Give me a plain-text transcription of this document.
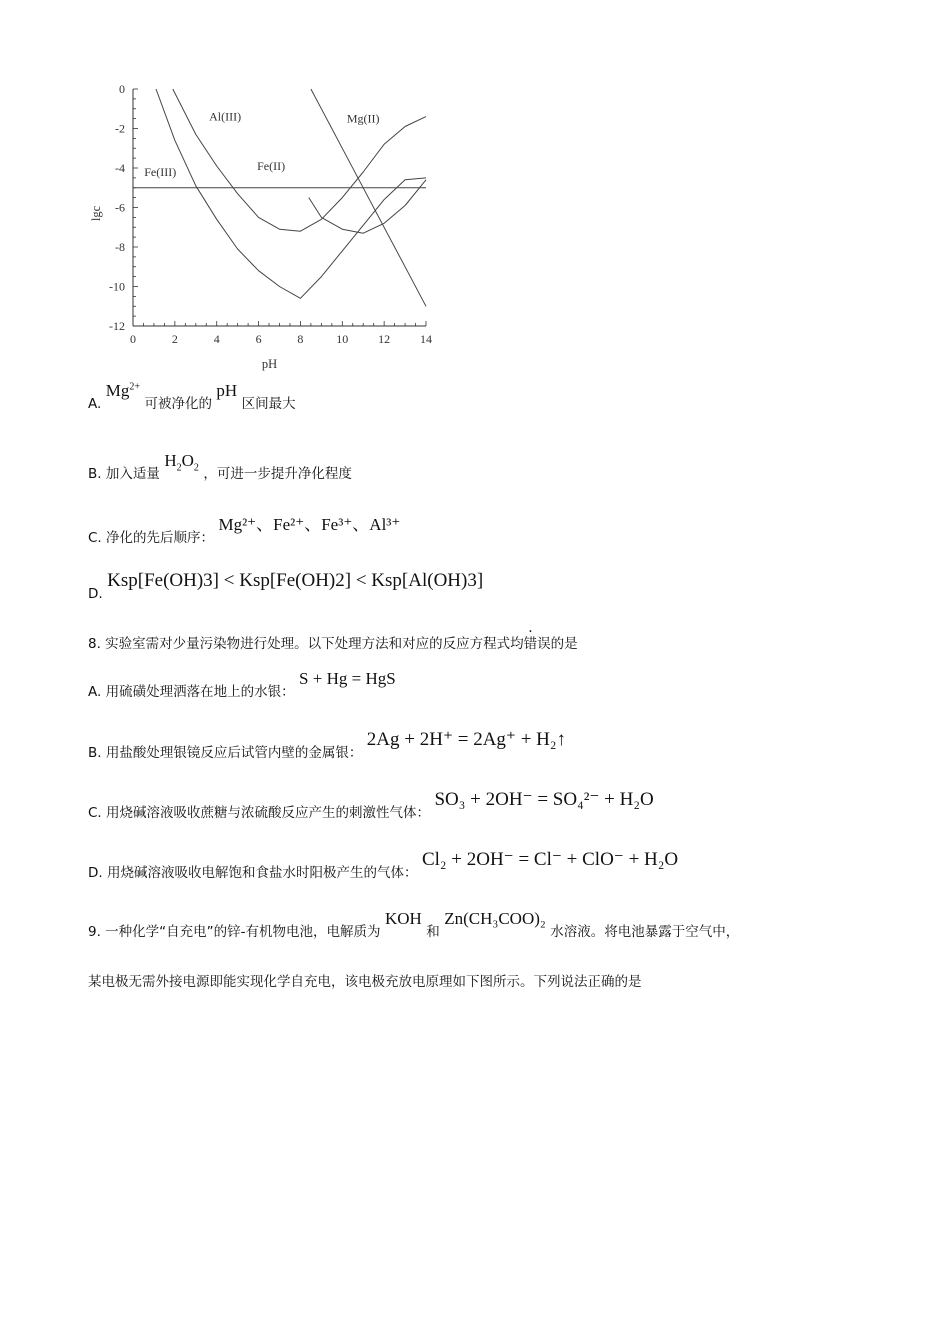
0	2	4	6	8	10 12 14
0
-2
-4
-6
-8
-10
-12
pH
lgc
Al(III)	Mg(II)
Fe(III)	Fe(II)
A. $Mg^{2+}$ 可被净化的 pH 区间最大
B. 加入适量 $H_2O_2$ ，可进一步提升净化程度
C. 净化的先后顺序： Mg²⁺、Fe²⁺、Fe³⁺、Al³⁺
D. Ksp[Fe(OH)3] < Ksp[Fe(OH)2] < Ksp[Al(OH)3]
8. 实验室需对少量污染物进行处理。以下处理方法和对应的反应方程式均错误的是
A. 用硫磺处理洒落在地上的水银： S + Hg = HgS
B. 用盐酸处理银镜反应后试管内壁的金属银： 2Ag + 2H⁺ = 2Ag⁺ + H₂↑
C. 用烧碱溶液吸收蔗糖与浓硫酸反应产生的刺激性气体： SO₃ + 2OH⁻ = SO₄²⁻ + H₂O
D. 用烧碱溶液吸收电解饱和食盐水时阳极产生的气体： Cl₂ + 2OH⁻ = Cl⁻ + ClO⁻ + H₂O
9. 一种化学“自充电”的锌-有机物电池，电解质为 KOH 和 Zn(CH₃COO)₂ 水溶液。将电池暴露于空气中，
某电极无需外接电源即能实现化学自充电，该电极充放电原理如下图所示。下列说法正确的是
